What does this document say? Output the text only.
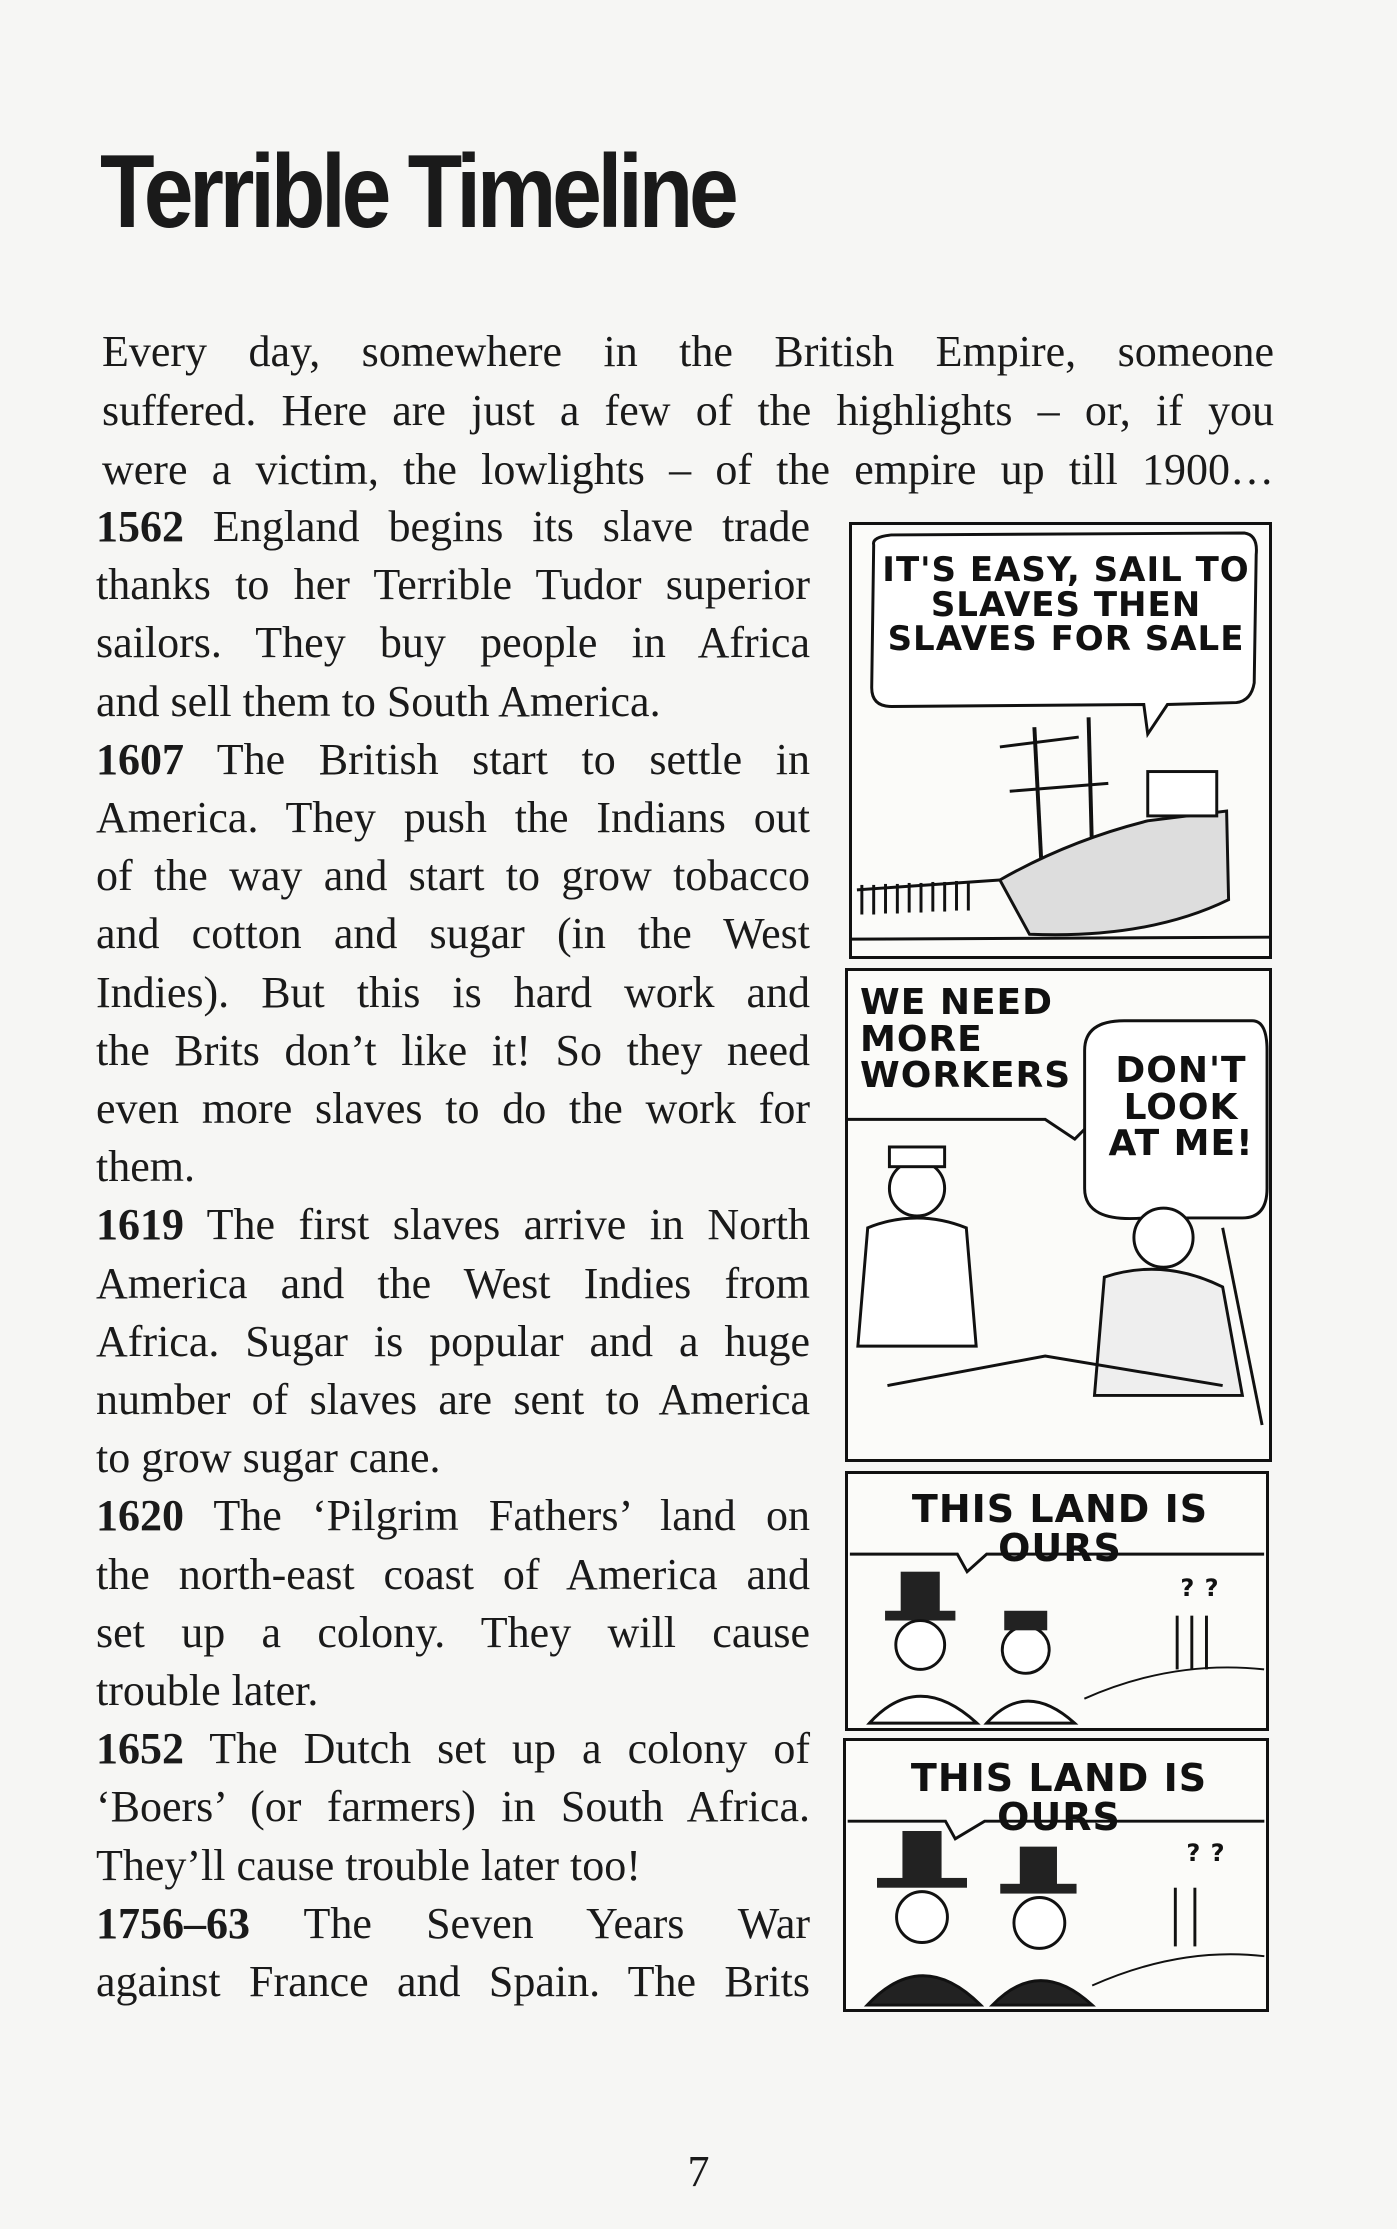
Terrible Timeline
Every day, somewhere in the British Empire, someone
suffered. Here are just a few of the highlights – or, if you
were a victim, the lowlights – of the empire up till 1900…
1562 England begins its slave trade
thanks to her Terrible Tudor superior
sailors. They buy people in Africa
and sell them to South America.
1607 The British start to settle in
America. They push the Indians out
of the way and start to grow tobacco
and cotton and sugar (in the West
Indies). But this is hard work and
the Brits don’t like it! So they need
even more slaves to do the work for
them.
1619 The first slaves arrive in North
America and the West Indies from
Africa. Sugar is popular and a huge
number of slaves are sent to America
to grow sugar cane.
1620 The ‘Pilgrim Fathers’ land on
the north-east coast of America and
set up a colony. They will cause
trouble later.
1652 The Dutch set up a colony of
‘Boers’ (or farmers) in South Africa.
They’ll cause trouble later too!
1756–63 The Seven Years War
against France and Spain. The Brits
IT'S EASY, SAIL TO
SLAVES THEN
SLAVES FOR SALE
WE NEED MORE
WORKERS	DON'T
LOOK
AT ME!
THIS LAND IS OURS
? ?
THIS LAND IS OURS
? ?
7
